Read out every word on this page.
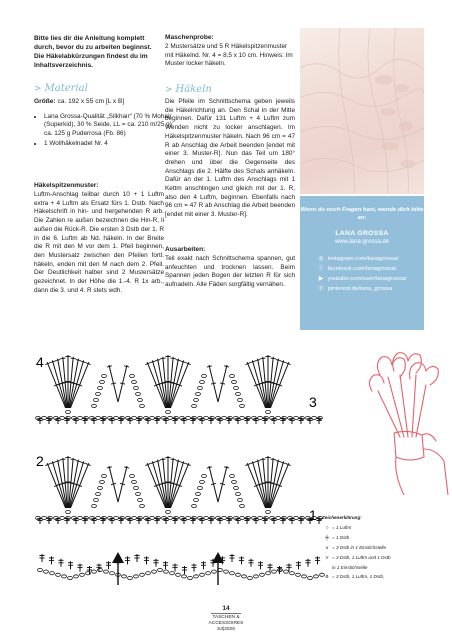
Bitte lies dir die Anleitung komplett durch, bevor du zu arbeiten beginnst. Die Häkelabkürzungen findest du im Inhaltsverzeichnis.
> Material
Größe: ca. 192 x 55 cm [L x B]
• Lana Grossa-Qualität „Silkhair“ (70 % Mohair (Superkid), 30 % Seide, LL = ca. 210 m/25 g): ca. 125 g Puderrosa (Fb. 86)
• 1 Wollhäkelnadel Nr. 4
Häkelspitzenmuster:
Luftm-Anschlag teilbar durch 10 + 1 Luftm extra + 4 Luftm als Ersatz fürs 1. Dstb. Nach Häkelschrift in hin- und hergehenden R arb. Die Zahlen re außen bezeichnen die Hin-R, li außen die Rück-R. Die ersten 3 Dstb der 1. R in die 6. Luftm ab Nd. häkeln. In der Breite die R mit den M vor dem 1. Pfeil beginnen, den Mustersatz zwischen den Pfeilen fortl. häkeln, enden mit den M nach dem 2. Pfeil. Der Deutlichkeit halber sind 2 Mustersätze gezeichnet. In der Höhe die 1.-4. R 1x arb., dann die 3. und 4. R stets wdh.
Maschenprobe:
2 Mustersätze und 5 R Häkelspitzenmuster mit Häkelnd. Nr. 4 = 8,5 x 10 cm. Hinweis: Im Muster locker häkeln.
> Häkeln
Die Pfeile im Schnittschema geben jeweils die Häkelrichtung an. Den Schal in der Mitte beginnen. Dafür 131 Luftm + 4 Luftm zum Wenden nicht zu locker anschlagen. Im Häkelspitzenmuster häkeln. Nach 96 cm = 47 R ab Anschlag die Arbeit beenden [endet mit einer 3. Muster-R]. Nun das Teil um 180° drehen und über die Gegenseite des Anschlags die 2. Hälfte des Schals anhäkeln. Dafür an der 1. Luftm des Anschlags mit 1 Kettm anschlingen und gleich mit der 1. R, also den 4 Luftm, beginnen. Ebenfalls nach 96 cm = 47 R ab Anschlag die Arbeit beenden [endet mit einer 3. Muster-R].
Ausarbeiten:
Teil exakt nach Schnittschema spannen, gut anfeuchten und trocknen lassen. Beim Spannen jeden Bogen der letzten R für sich aufnadeln. Alle Fäden sorgfältig vernähen.
Wenn du noch Fragen hast, wende dich bitte an:
LANA GROSSA
www.lana-grossa.de
◎ instagram.com/lanagrossa/
ⓕ facebook.com/lanagrossa/
▶ youtube.com/user/lanagrossa/
ⓟ pinterest.de/lana_grossa
4
3
2
1 Zeichenerklärung:
○ = 1 Luftm
╪ = 1 Dstb
⩛ = 3 Dstb in 1 Einstichstelle
⋎ = 3 Dstb, 1 Luftm und 1 Dstb
in 1 Einstichstelle
⋔ = 3 Dstb, 1 Luftm, 1 Dstb,
14
TASCHEN &
ACCESSOIRES
S3|2026
